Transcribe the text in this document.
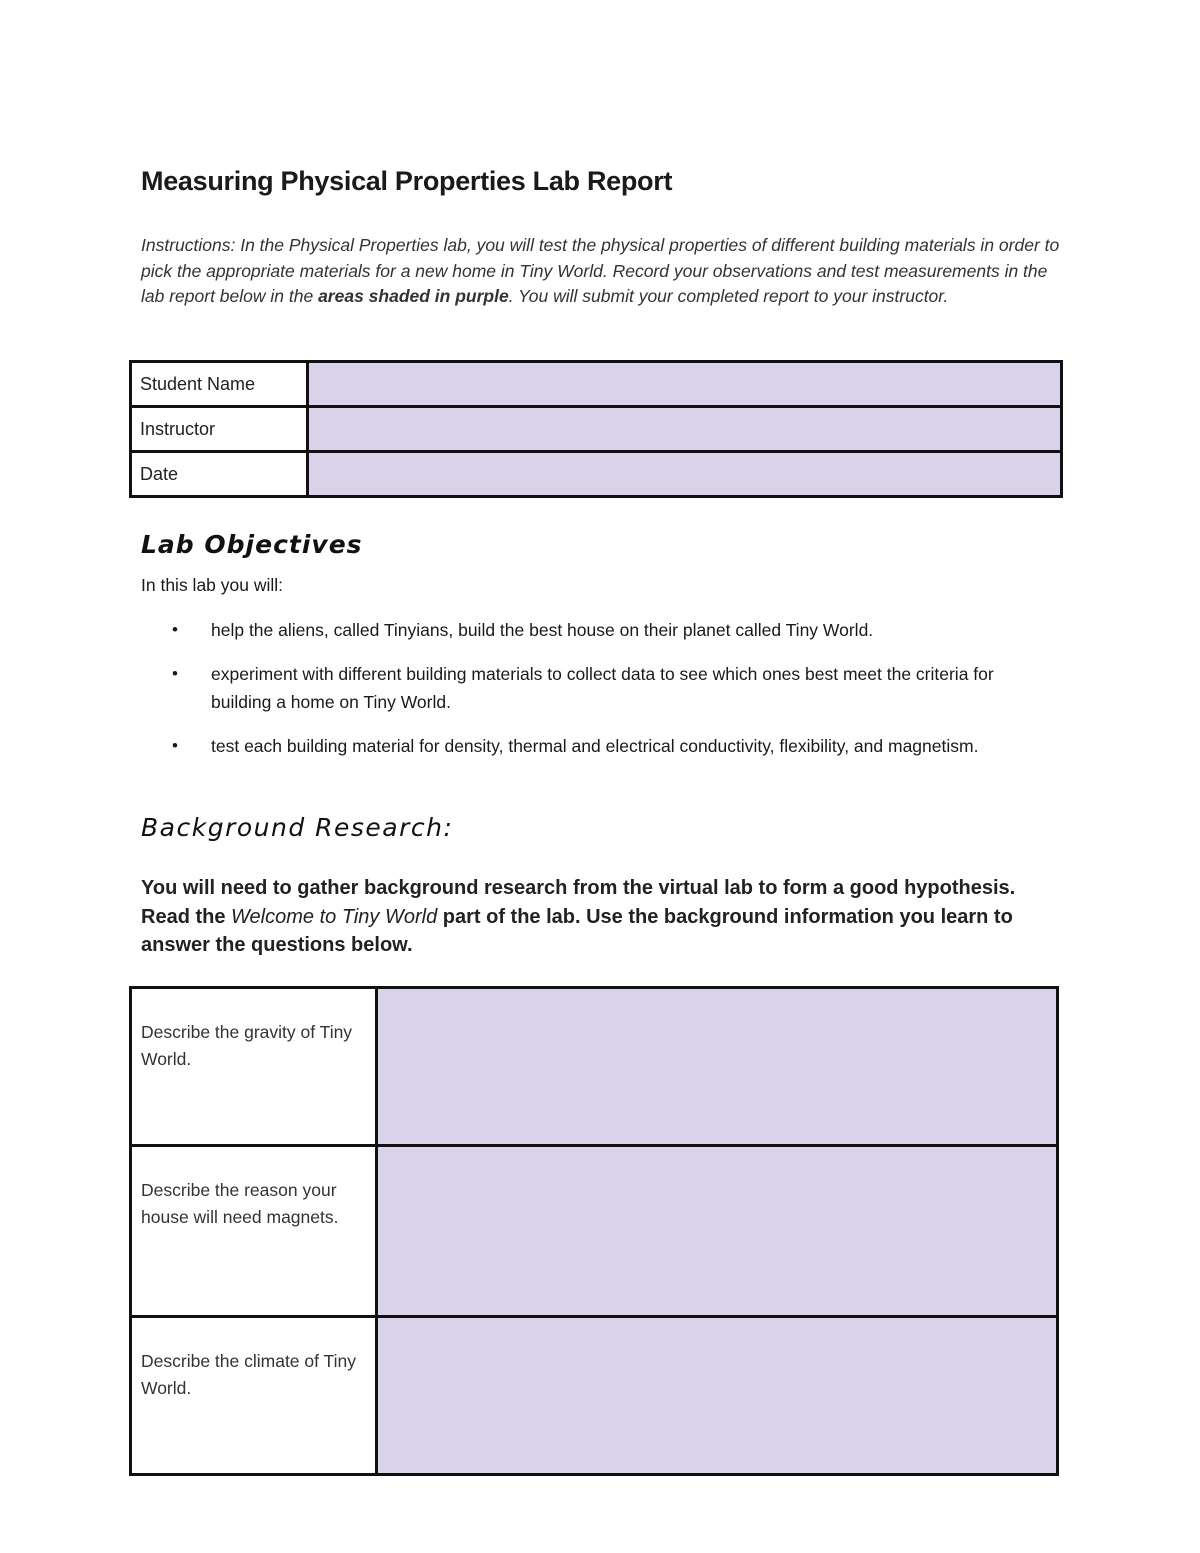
Measuring Physical Properties Lab Report

Instructions: In the Physical Properties lab, you will test the physical properties of different building materials in order to pick the appropriate materials for a new home in Tiny World. Record your observations and test measurements in the lab report below in the areas shaded in purple. You will submit your completed report to your instructor.

Student Name	
Instructor	
Date	
Lab Objectives

In this lab you will:

• help the aliens, called Tinyians, build the best house on their planet called Tiny World.
• experiment with different building materials to collect data to see which ones best meet the criteria for building a home on Tiny World.
• test each building material for density, thermal and electrical conductivity, flexibility, and magnetism.
Background Research:

You will need to gather background research from the virtual lab to form a good hypothesis. Read the Welcome to Tiny World part of the lab. Use the background information you learn to answer the questions below.

Describe the gravity of Tiny World.	
Describe the reason your house will need magnets.	
Describe the climate of Tiny World.	
